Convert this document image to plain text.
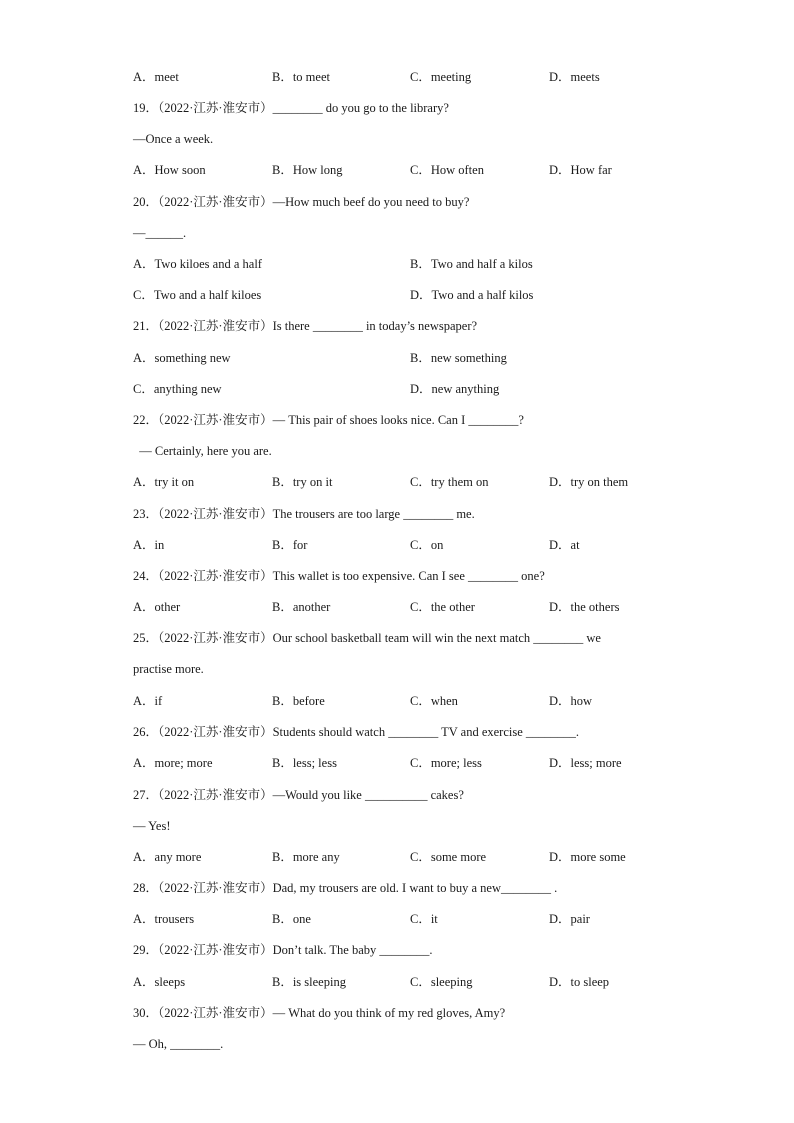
A．meet	B．to meet	C．meeting	D．meets
19．（2022·江苏·淮安市）________ do you go to the library?
—Once a week.
A．How soon	B．How long	C．How often	D．How far
20．（2022·江苏·淮安市）—How much beef do you need to buy?
—______.
A．Two kiloes and a half	B．Two and half a kilos
C．Two and a half kiloes	D．Two and a half kilos
21．（2022·江苏·淮安市）Is there ________ in today’s newspaper?
A．something new	B．new something
C．anything new	D．new anything
22．（2022·江苏·淮安市）— This pair of shoes looks nice. Can I ________?
— Certainly, here you are.
A．try it on	B．try on it	C．try them on	D．try on them
23．（2022·江苏·淮安市）The trousers are too large ________ me.
A．in	B．for	C．on	D．at
24．（2022·江苏·淮安市）This wallet is too expensive. Can I see ________ one?
A．other	B．another	C．the other	D．the others
25．（2022·江苏·淮安市）Our school basketball team will win the next match ________ we
practise more.
A．if	B．before	C．when	D．how
26．（2022·江苏·淮安市）Students should watch ________ TV and exercise ________.
A．more; more	B．less; less	C．more; less	D．less; more
27．（2022·江苏·淮安市）—Would you like __________ cakes?
— Yes!
A．any more	B．more any	C．some more	D．more some
28．（2022·江苏·淮安市）Dad, my trousers are old. I want to buy a new________ .
A．trousers	B．one	C．it	D．pair
29．（2022·江苏·淮安市）Don’t talk. The baby ________.
A．sleeps	B．is sleeping	C．sleeping	D．to sleep
30．（2022·江苏·淮安市）— What do you think of my red gloves, Amy?
— Oh, ________.
